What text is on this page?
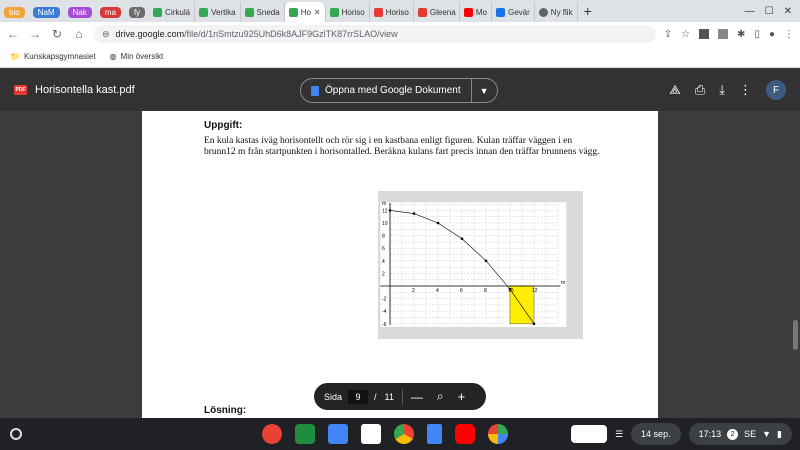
bio	NaM	Nak	ma	fy	Cirkulä	Vertika	Sneda	Ho ✕	Horiso	Horiso	Gleena	Mo	Gevär	Ny flik +	— ☐ ✕
← → ↻ ⌂	⊜ drive.google.com/file/d/1nSmtzu925UhD6k8AJF9GzlTK87rrSLAO/view	⇪ ☆	✱ ▯ ● ⋮
📁 Kunskapsgymnasiet ◍ Min översikt
PDF Horisontella kast.pdf	Öppna med Google Dokument	▼	⟁ ⎙ ⤓ ⋮	F
Uppgift:
En kula kastas iväg horisontellt och rör sig i en kastbana enligt figuren. Kulan träffar väggen i en brunn12 m från startpunkten i horisontalled. Beräkna kulans fart precis innan den träffar brunnens vägg.
2	4	6	8	10	12
-6
-4
-2
2
4
6
8
10
12
m
m
Lösning:
Sida	9	/ 11 — ⌕ +
☰ 14 sep.	17:13	2	SE ▼ ▮
